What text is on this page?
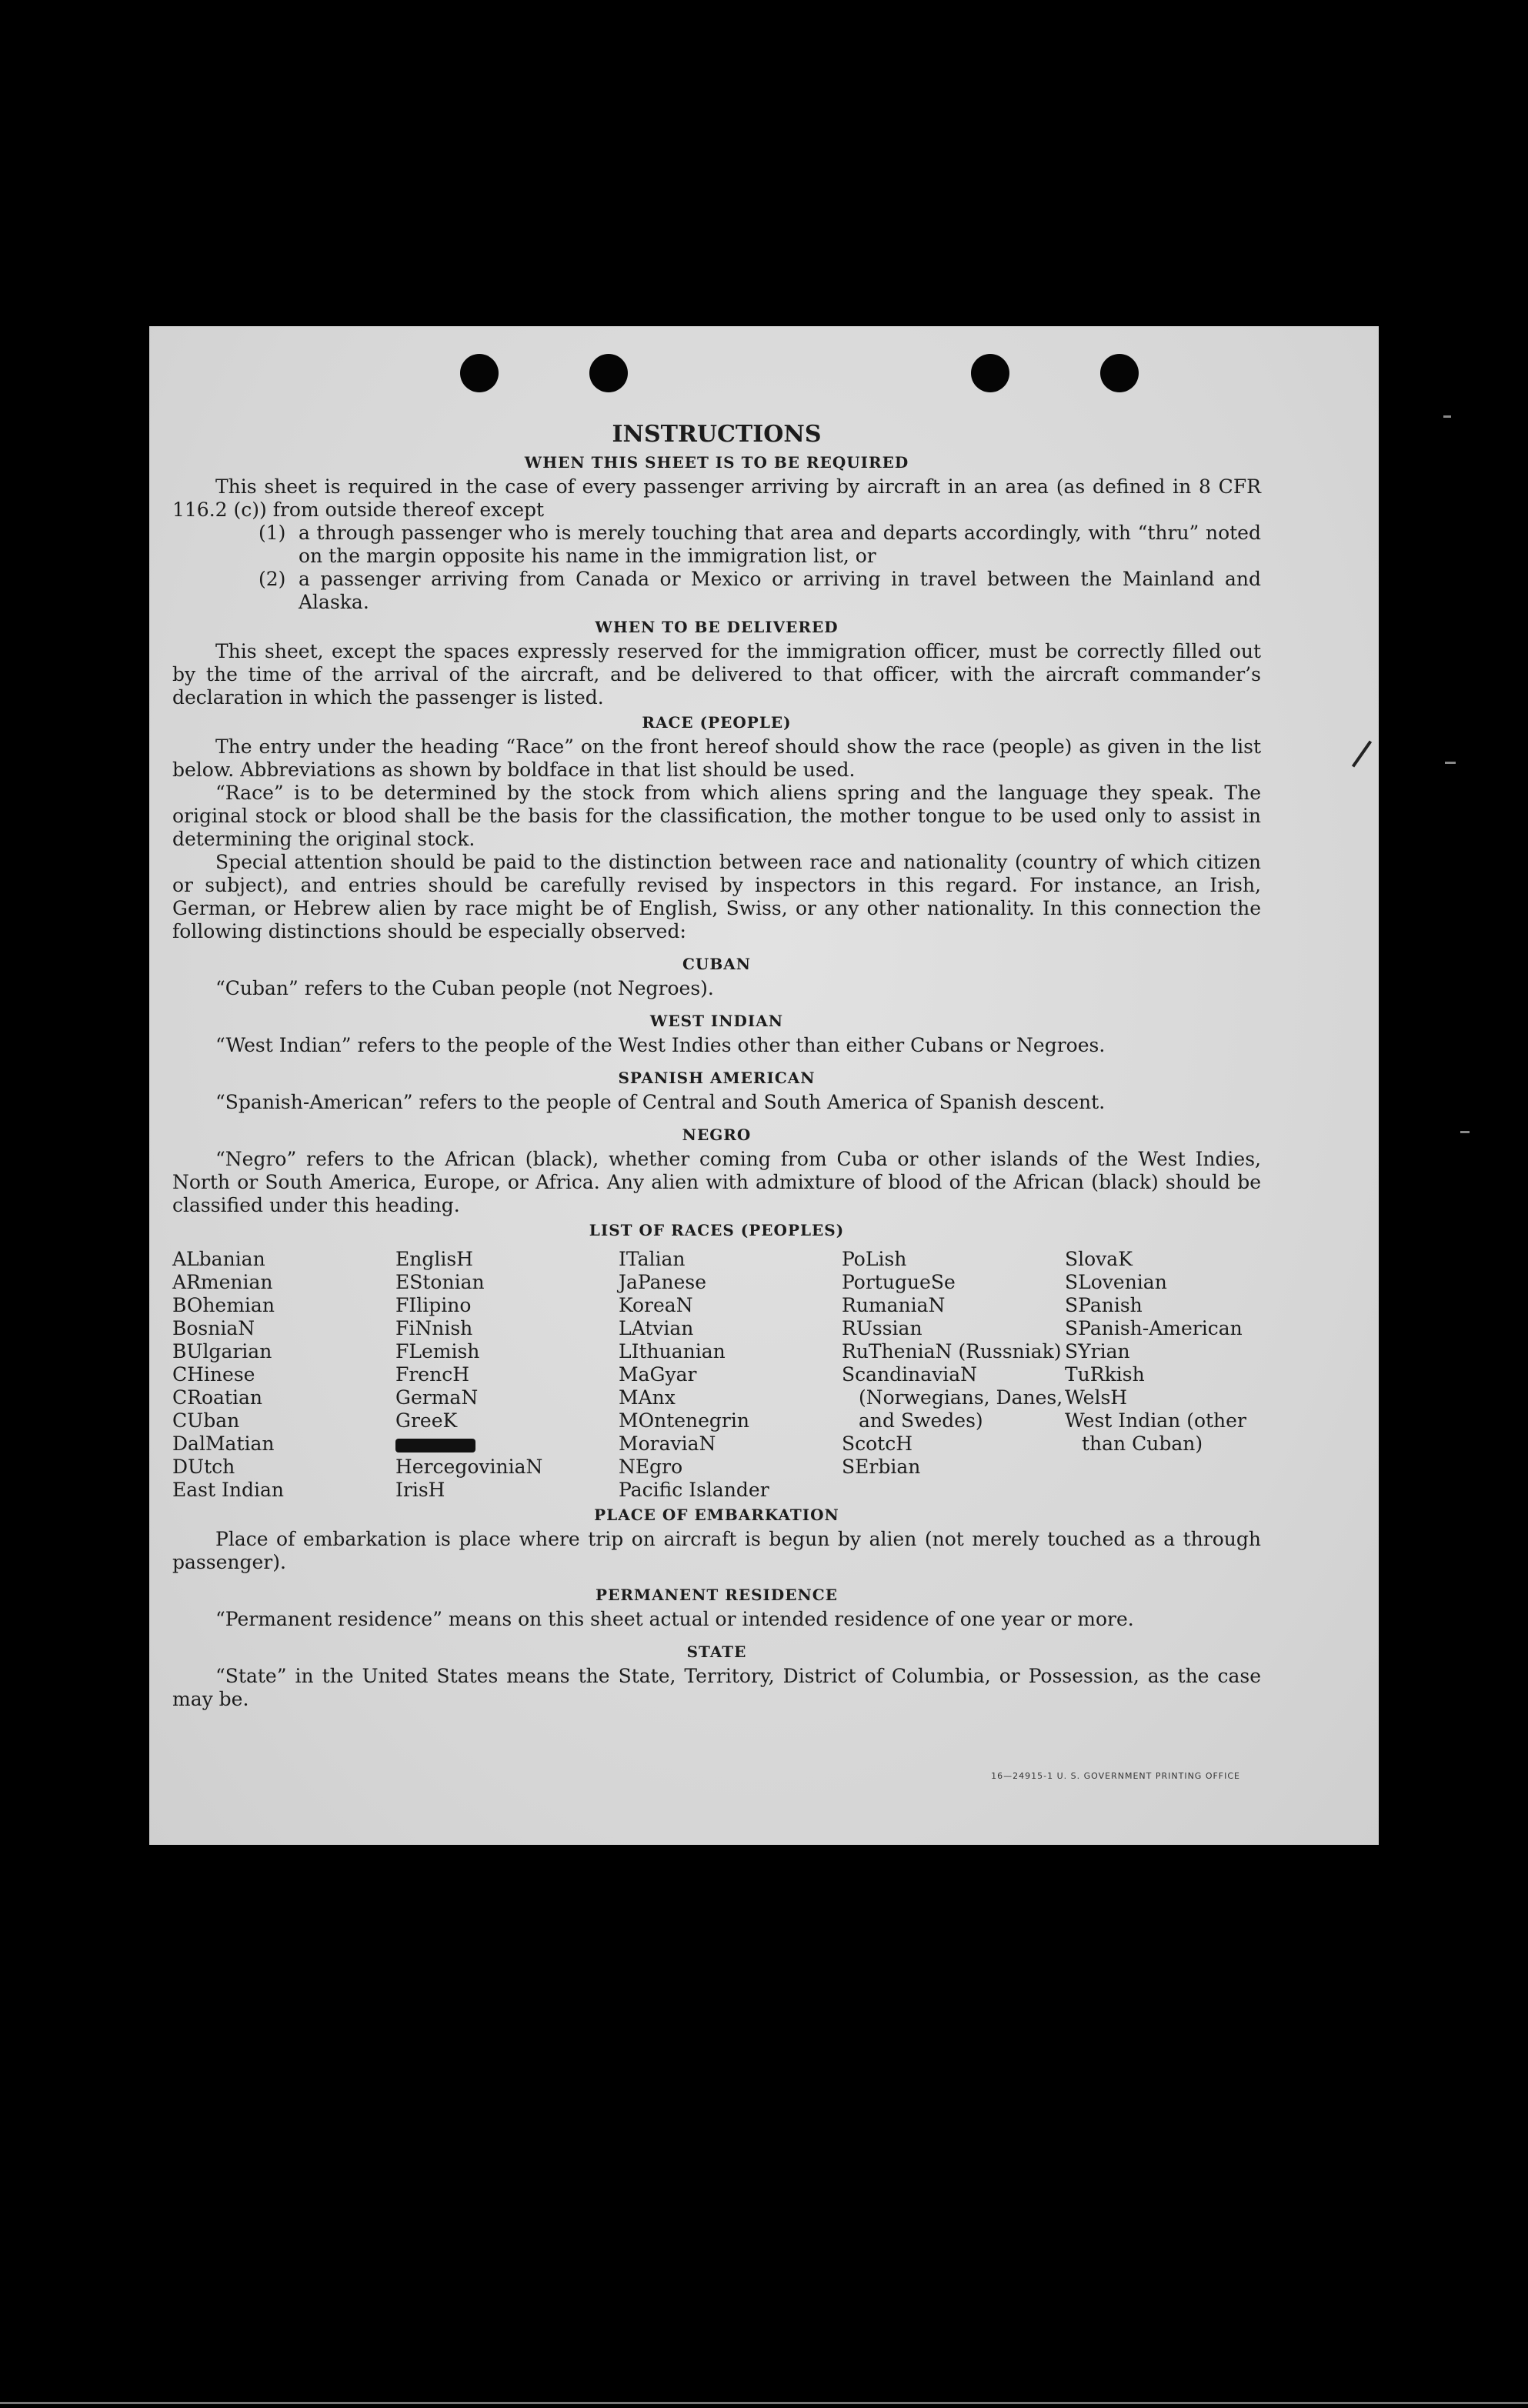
INSTRUCTIONS
WHEN THIS SHEET IS TO BE REQUIRED

This sheet is required in the case of every passenger arriving by aircraft in an area (as defined in 8 CFR 116.2 (c)) from outside thereof except

(1) a through passenger who is merely touching that area and departs accordingly, with “thru” noted on the margin opposite his name in the immigration list, or
(2) a passenger arriving from Canada or Mexico or arriving in travel between the Mainland and Alaska.
WHEN TO BE DELIVERED

This sheet, except the spaces expressly reserved for the immigration officer, must be correctly filled out by the time of the arrival of the aircraft, and be delivered to that officer, with the aircraft commander’s declaration in which the passenger is listed.

RACE (PEOPLE)

The entry under the heading “Race” on the front hereof should show the race (people) as given in the list below. Abbreviations as shown by boldface in that list should be used.

“Race” is to be determined by the stock from which aliens spring and the language they speak. The original stock or blood shall be the basis for the classification, the mother tongue to be used only to assist in determining the original stock.

Special attention should be paid to the distinction between race and nationality (country of which citizen or subject), and entries should be carefully revised by inspectors in this regard. For instance, an Irish, German, or Hebrew alien by race might be of English, Swiss, or any other nationality. In this connection the following distinctions should be especially observed:

CUBAN

“Cuban” refers to the Cuban people (not Negroes).

WEST INDIAN

“West Indian” refers to the people of the West Indies other than either Cubans or Negroes.

SPANISH AMERICAN

“Spanish-American” refers to the people of Central and South America of Spanish descent.

NEGRO

“Negro” refers to the African (black), whether coming from Cuba or other islands of the West Indies, North or South America, Europe, or Africa. Any alien with admixture of blood of the African (black) should be classified under this heading.

LIST OF RACES (PEOPLES)
ALbanian
ARmenian
BOhemian
BosniaN
BUlgarian
CHinese
CRoatian
CUban
DalMatian
DUtch
East Indian
EnglisH
EStonian
FIlipino
FiNnish
FLemish
FrencH
GermaN
GreeK
HercegoviniaN
IrisH
ITalian
JaPanese
KoreaN
LAtvian
LIthuanian
MaGyar
MAnx
MOntenegrin
MoraviaN
NEgro
Pacific Islander
PoLish
PortugueSe
RumaniaN
RUssian
RuTheniaN (Russniak)
ScandinaviaN (Norwegians, Danes, and Swedes)
ScotcH
SErbian
SlovaK
SLovenian
SPanish
SPanish-American
SYrian
TuRkish
WelsH
West Indian (other than Cuban)
PLACE OF EMBARKATION

Place of embarkation is place where trip on aircraft is begun by alien (not merely touched as a through passenger).

PERMANENT RESIDENCE

“Permanent residence” means on this sheet actual or intended residence of one year or more.

STATE

“State” in the United States means the State, Territory, District of Columbia, or Possession, as the case may be.

16—24915-1 U. S. GOVERNMENT PRINTING OFFICE
